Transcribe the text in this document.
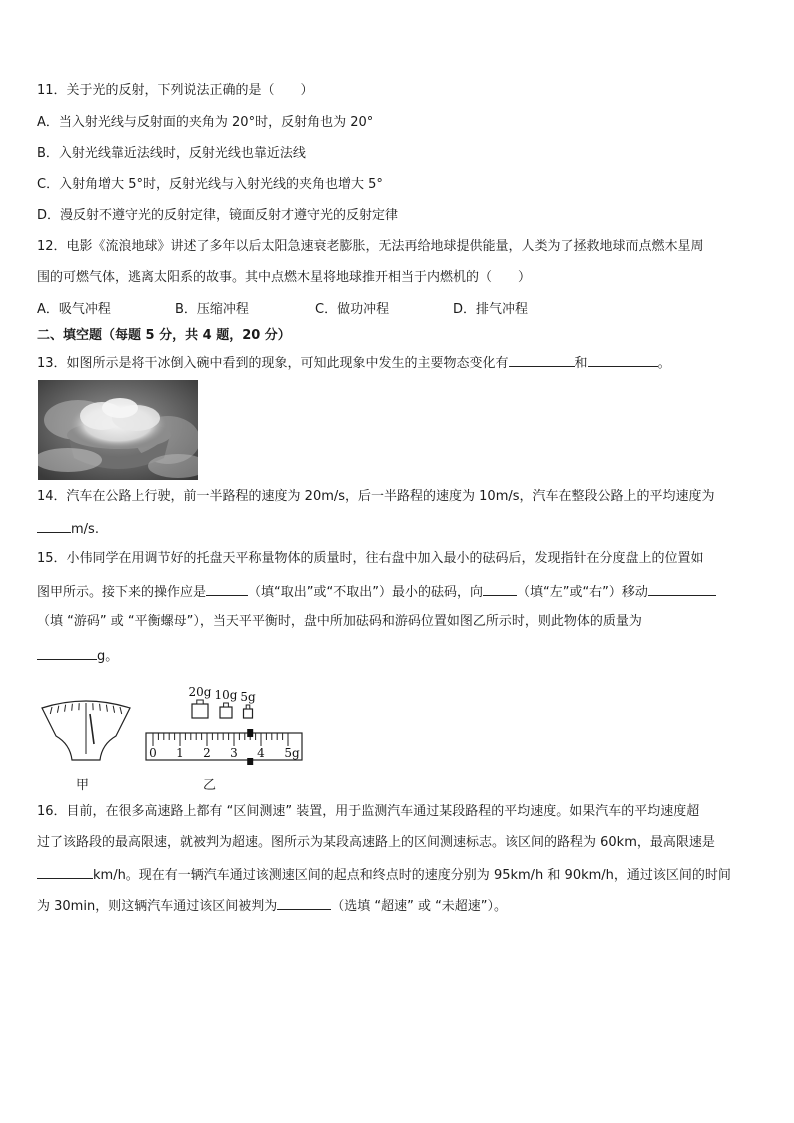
11．关于光的反射，下列说法正确的是（　　）
A．当入射光线与反射面的夹角为 20°时，反射角也为 20°
B．入射光线靠近法线时，反射光线也靠近法线
C．入射角增大 5°时，反射光线与入射光线的夹角也增大 5°
D．漫反射不遵守光的反射定律，镜面反射才遵守光的反射定律
12．电影《流浪地球》讲述了多年以后太阳急速衰老膨胀，无法再给地球提供能量，人类为了拯救地球而点燃木星周
围的可燃气体，逃离太阳系的故事。其中点燃木星将地球推开相当于内燃机的（　　）
A．吸气冲程	B．压缩冲程	C．做功冲程	D．排气冲程
二、填空题（每题 5 分，共 4 题，20 分）
13．如图所示是将干冰倒入碗中看到的现象，可知此现象中发生的主要物态变化有	和	。
14．汽车在公路上行驶，前一半路程的速度为 20m/s，后一半路程的速度为 10m/s，汽车在整段公路上的平均速度为
m/s.
15．小伟同学在用调节好的托盘天平称量物体的质量时，往右盘中加入最小的砝码后，发现指针在分度盘上的位置如
图甲所示。接下来的操作应是	（填“取出”或“不取出”）最小的砝码，向	（填“左”或“右”）移动
（填 “游码” 或 “平衡螺母”），当天平平衡时，盘中所加砝码和游码位置如图乙所示时，则此物体的质量为
g。
20g 10g 5g
0 1 2 3 4 5g
甲	乙
16．目前，在很多高速路上都有 “区间测速” 装置，用于监测汽车通过某段路程的平均速度。如果汽车的平均速度超
过了该路段的最高限速，就被判为超速。图所示为某段高速路上的区间测速标志。该区间的路程为 60km，最高限速是
km/h。现在有一辆汽车通过该测速区间的起点和终点时的速度分别为 95km/h 和 90km/h，通过该区间的时间
为 30min，则这辆汽车通过该区间被判为	（选填 “超速” 或 “未超速”）。
